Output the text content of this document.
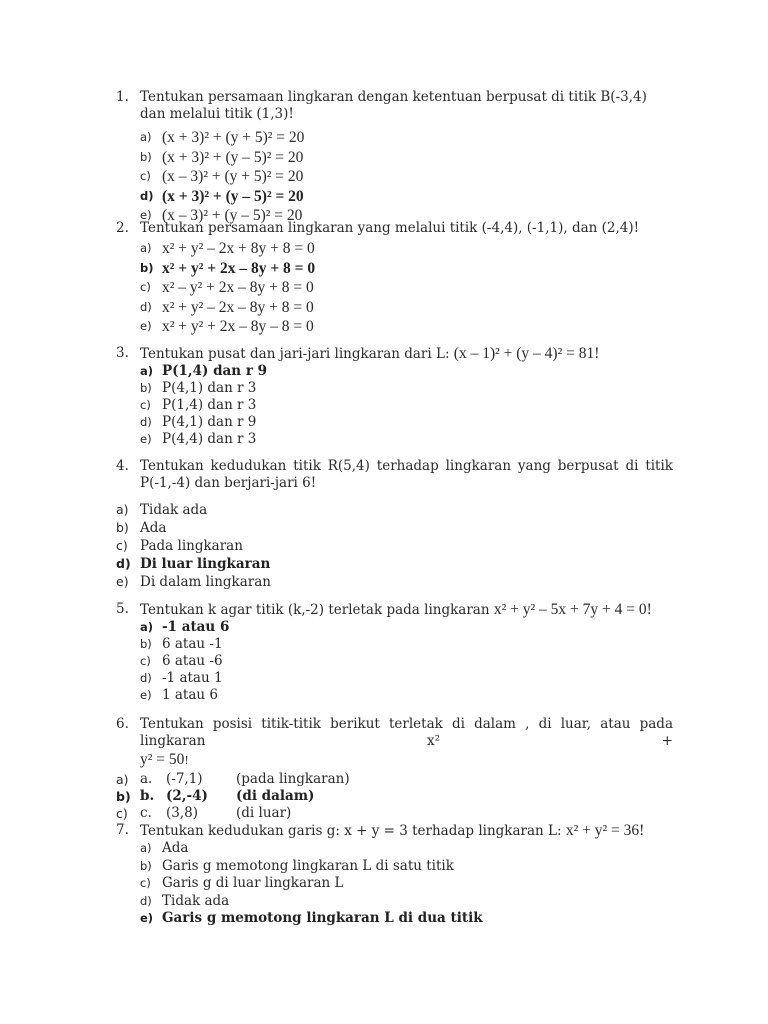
1. Tentukan persamaan lingkaran dengan ketentuan berpusat di titik B(-3,4) dan melalui titik (1,3)!
a) (x + 3)² + (y + 5)² = 20
b) (x + 3)² + (y – 5)² = 20
c) (x – 3)² + (y + 5)² = 20
d) (x + 3)² + (y – 5)² = 20
e) (x – 3)² + (y – 5)² = 20
2. Tentukan persamaan lingkaran yang melalui titik (-4,4), (-1,1), dan (2,4)!
a) x² + y² – 2x + 8y + 8 = 0
b) x² + y² + 2x – 8y + 8 = 0
c) x² – y² + 2x – 8y + 8 = 0
d) x² + y² – 2x – 8y + 8 = 0
e) x² + y² + 2x – 8y – 8 = 0
3. Tentukan pusat dan jari-jari lingkaran dari L: (x – 1)² + (y – 4)² = 81!
a) P(1,4) dan r 9
b) P(4,1) dan r 3
c) P(1,4) dan r 3
d) P(4,1) dan r 9
e) P(4,4) dan r 3
4. Tentukan kedudukan titik R(5,4) terhadap lingkaran yang berpusat di titik P(-1,-4) dan berjari-jari 6!
a) Tidak ada
b) Ada
c) Pada lingkaran
d) Di luar lingkaran
e) Di dalam lingkaran
5. Tentukan k agar titik (k,-2) terletak pada lingkaran x² + y² – 5x + 7y + 4 = 0!
a) -1 atau 6
b) 6 atau -1
c) 6 atau -6
d) -1 atau 1
e) 1 atau 6
6. Tentukan posisi titik-titik berikut terletak di dalam , di luar, atau pada lingkaran x² +
y² = 50!
a) a. (-7,1) (pada lingkaran)
b) b. (2,-4) (di dalam)
c) c. (3,8)	(di luar)
7. Tentukan kedudukan garis g: x + y = 3 terhadap lingkaran L: x² + y² = 36!
a) Ada
b) Garis g memotong lingkaran L di satu titik
c) Garis g di luar lingkaran L
d) Tidak ada
e) Garis g memotong lingkaran L di dua titik
